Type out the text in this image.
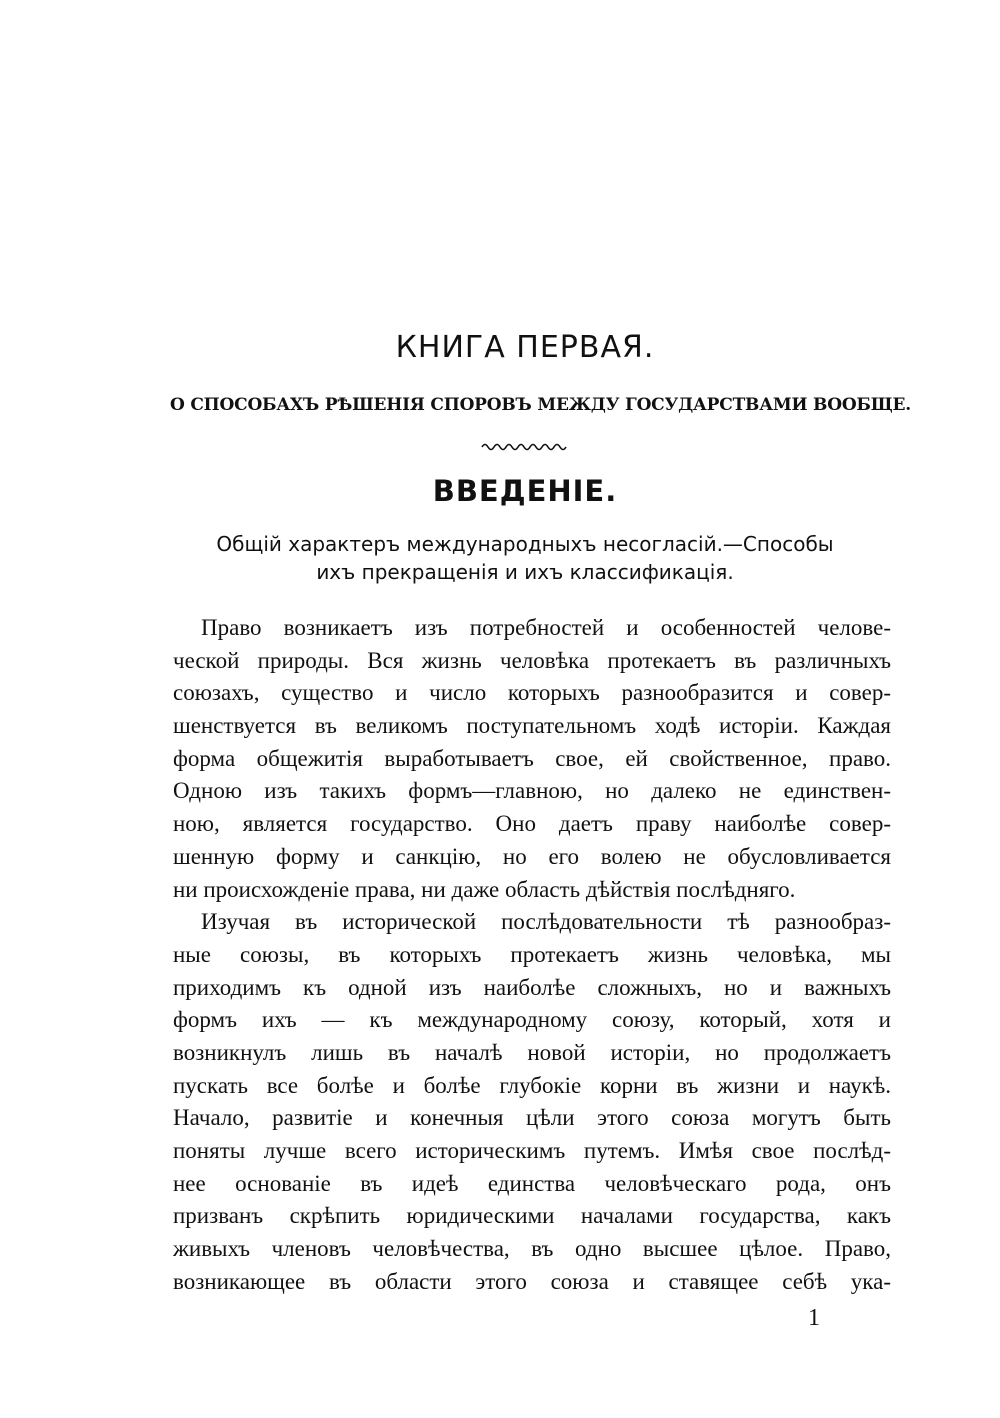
КНИГА ПЕРВАЯ.
О СПОСОБАХЪ РѢШЕНІЯ СПОРОВЪ МЕЖДУ ГОСУДАРСТВАМИ ВООБЩЕ.
ВВЕДЕНІЕ.
Общій характеръ международныхъ несогласій.—Способы
ихъ прекращенія и ихъ классификація.
Право возникаетъ изъ потребностей и особенностей челове-
ческой природы. Вся жизнь человѣка протекаетъ въ различныхъ
союзахъ, существо и число которыхъ разнообразится и совер-
шенствуется въ великомъ поступательномъ ходѣ исторіи. Каждая
форма общежитія выработываетъ свое, ей свойственное, право.
Одною изъ такихъ формъ—главною, но далеко не единствен-
ною, является государство. Оно даетъ праву наиболѣе совер-
шенную форму и санкцію, но его волею не обусловливается
ни происхожденіе права, ни даже область дѣйствія послѣдняго.
Изучая въ исторической послѣдовательности тѣ разнообраз-
ные союзы, въ которыхъ протекаетъ жизнь человѣка, мы
приходимъ къ одной изъ наиболѣе сложныхъ, но и важныхъ
формъ ихъ — къ международному союзу, который, хотя и
возникнулъ лишь въ началѣ новой исторіи, но продолжаетъ
пускать все болѣе и болѣе глубокіе корни въ жизни и наукѣ.
Начало, развитіе и конечныя цѣли этого союза могутъ быть
поняты лучше всего историческимъ путемъ. Имѣя свое послѣд-
нее основаніе въ идеѣ единства человѣческаго рода, онъ
призванъ скрѣпить юридическими началами государства, какъ
живыхъ членовъ человѣчества, въ одно высшее цѣлое. Право,
возникающее въ области этого союза и ставящее себѣ ука-
1
